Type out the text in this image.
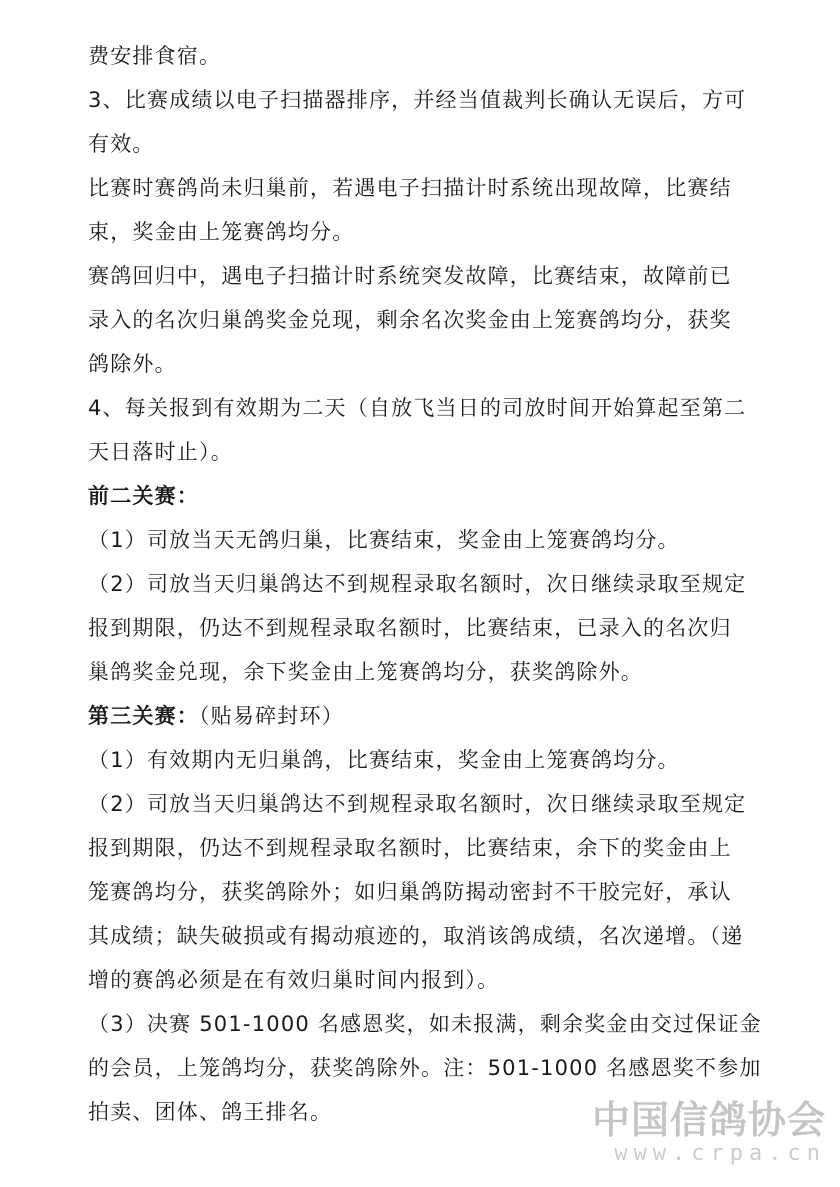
费安排食宿。
3、比赛成绩以电子扫描器排序，并经当值裁判长确认无误后，方可
有效。
比赛时赛鸽尚未归巢前，若遇电子扫描计时系统出现故障，比赛结
束，奖金由上笼赛鸽均分。
赛鸽回归中，遇电子扫描计时系统突发故障，比赛结束，故障前已
录入的名次归巢鸽奖金兑现，剩余名次奖金由上笼赛鸽均分，获奖
鸽除外。
4、每关报到有效期为二天（自放飞当日的司放时间开始算起至第二
天日落时止）。
前二关赛：
（1）司放当天无鸽归巢，比赛结束，奖金由上笼赛鸽均分。
（2）司放当天归巢鸽达不到规程录取名额时，次日继续录取至规定
报到期限，仍达不到规程录取名额时，比赛结束，已录入的名次归
巢鸽奖金兑现，余下奖金由上笼赛鸽均分，获奖鸽除外。
第三关赛：（贴易碎封环）
（1）有效期内无归巢鸽，比赛结束，奖金由上笼赛鸽均分。
（2）司放当天归巢鸽达不到规程录取名额时，次日继续录取至规定
报到期限，仍达不到规程录取名额时，比赛结束，余下的奖金由上
笼赛鸽均分，获奖鸽除外；如归巢鸽防揭动密封不干胶完好，承认
其成绩；缺失破损或有揭动痕迹的，取消该鸽成绩，名次递增。（递
增的赛鸽必须是在有效归巢时间内报到）。
（3）决赛 501-1000 名感恩奖，如未报满，剩余奖金由交过保证金
的会员，上笼鸽均分，获奖鸽除外。注：501-1000 名感恩奖不参加
拍卖、团体、鸽王排名。	中国信鸽协会
www.crpa.cn
